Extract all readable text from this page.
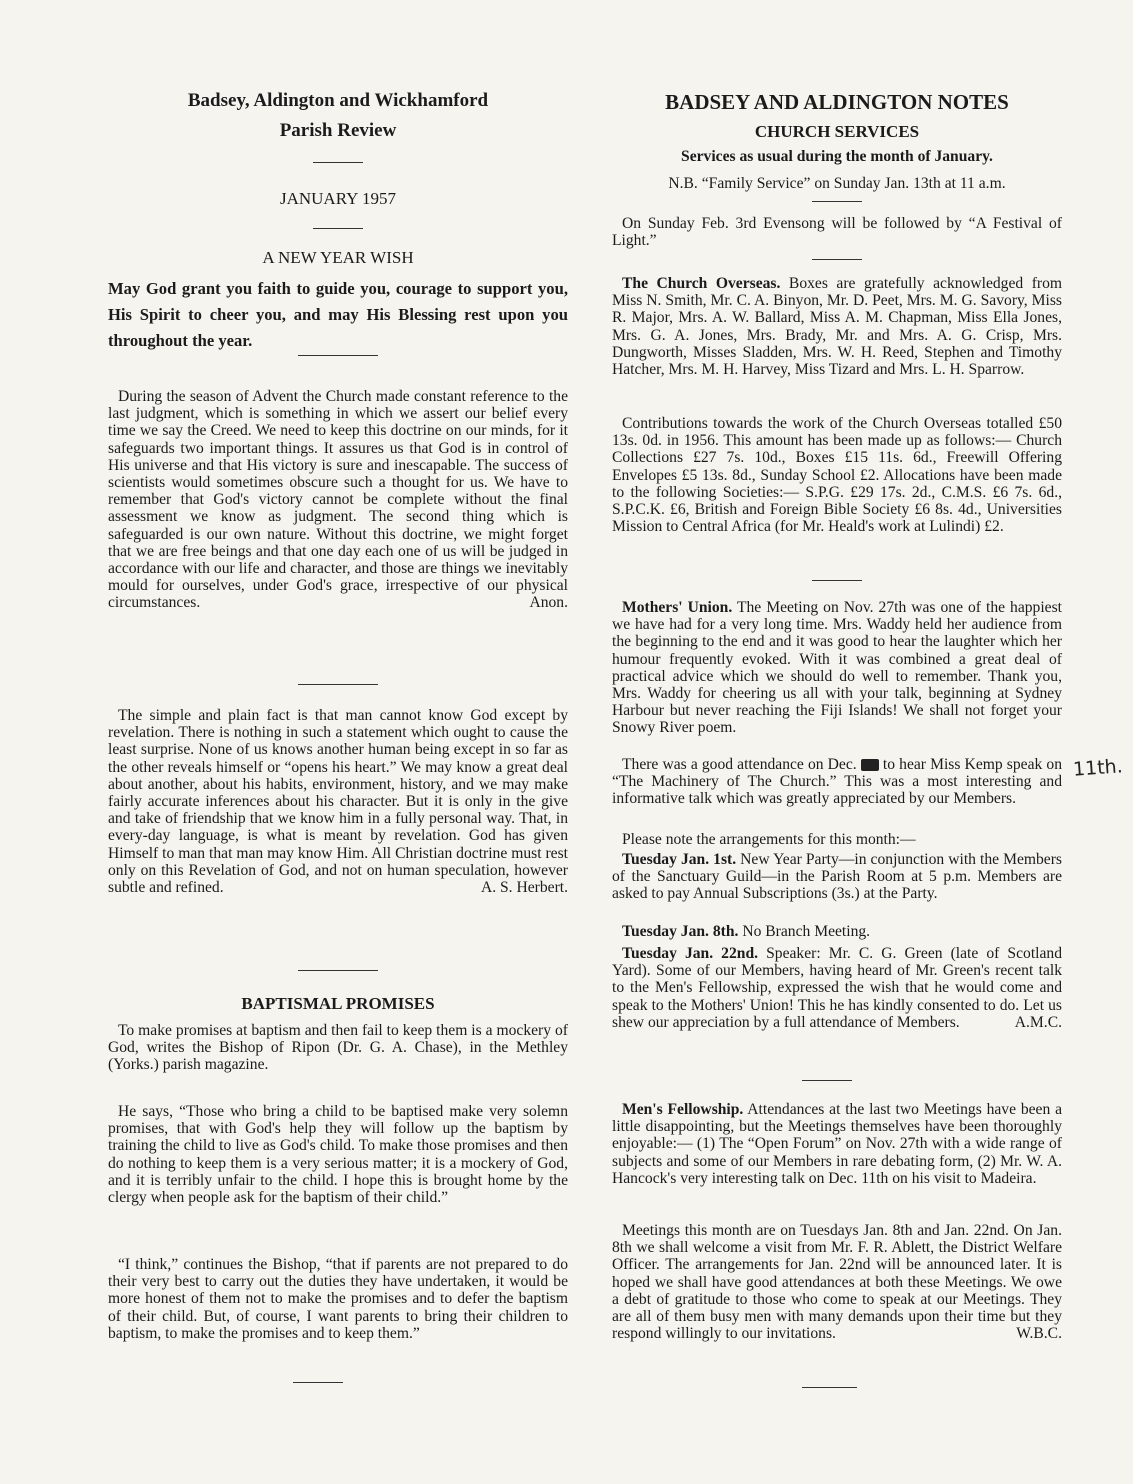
Badsey, Aldington and Wickhamford
Parish Review
JANUARY 1957
A NEW YEAR WISH
May God grant you faith to guide you, courage to support you, His Spirit to cheer you, and may His Blessing rest upon you throughout the year.

During the season of Advent the Church made constant reference to the last judgment, which is something in which we assert our belief every time we say the Creed. We need to keep this doctrine on our minds, for it safeguards two important things. It assures us that God is in control of His universe and that His victory is sure and inescapable. The success of scientists would sometimes obscure such a thought for us. We have to remember that God's victory cannot be complete without the final assessment we know as judgment. The second thing which is safeguarded is our own nature. Without this doctrine, we might forget that we are free beings and that one day each one of us will be judged in accordance with our life and character, and those are things we inevitably mould for ourselves, under God's grace, irrespective of our physical circumstances.	Anon.

The simple and plain fact is that man cannot know God except by revelation. There is nothing in such a statement which ought to cause the least surprise. None of us knows another human being except in so far as the other reveals himself or “opens his heart.” We may know a great deal about another, about his habits, environment, history, and we may make fairly accurate inferences about his character. But it is only in the give and take of friendship that we know him in a fully personal way. That, in every-day language, is what is meant by revelation. God has given Himself to man that man may know Him. All Christian doctrine must rest only on this Revelation of God, and not on human speculation, however subtle and refined.	A. S. Herbert.

BAPTISMAL PROMISES

To make promises at baptism and then fail to keep them is a mockery of God, writes the Bishop of Ripon (Dr. G. A. Chase), in the Methley (Yorks.) parish magazine.

He says, “Those who bring a child to be baptised make very solemn promises, that with God's help they will follow up the baptism by training the child to live as God's child. To make those promises and then do nothing to keep them is a very serious matter; it is a mockery of God, and it is terribly unfair to the child. I hope this is brought home by the clergy when people ask for the baptism of their child.”

“I think,” continues the Bishop, “that if parents are not prepared to do their very best to carry out the duties they have undertaken, it would be more honest of them not to make the promises and to defer the baptism of their child. But, of course, I want parents to bring their children to baptism, to make the promises and to keep them.”

BADSEY AND ALDINGTON NOTES
CHURCH SERVICES
Services as usual during the month of January.
N.B. “Family Service” on Sunday Jan. 13th at 11 a.m.

On Sunday Feb. 3rd Evensong will be followed by “A Festival of Light.”

The Church Overseas. Boxes are gratefully acknowledged from Miss N. Smith, Mr. C. A. Binyon, Mr. D. Peet, Mrs. M. G. Savory, Miss R. Major, Mrs. A. W. Ballard, Miss A. M. Chapman, Miss Ella Jones, Mrs. G. A. Jones, Mrs. Brady, Mr. and Mrs. A. G. Crisp, Mrs. Dungworth, Misses Sladden, Mrs. W. H. Reed, Stephen and Timothy Hatcher, Mrs. M. H. Harvey, Miss Tizard and Mrs. L. H. Sparrow.

Contributions towards the work of the Church Overseas totalled £50 13s. 0d. in 1956. This amount has been made up as follows:— Church Collections £27 7s. 10d., Boxes £15 11s. 6d., Freewill Offering Envelopes £5 13s. 8d., Sunday School £2. Allocations have been made to the following Societies:— S.P.G. £29 17s. 2d., C.M.S. £6 7s. 6d., S.P.C.K. £6, British and Foreign Bible Society £6 8s. 4d., Universities Mission to Central Africa (for Mr. Heald's work at Lulindi) £2.

Mothers' Union. The Meeting on Nov. 27th was one of the happiest we have had for a very long time. Mrs. Waddy held her audience from the beginning to the end and it was good to hear the laughter which her humour frequently evoked. With it was combined a great deal of practical advice which we should do well to remember. Thank you, Mrs. Waddy for cheering us all with your talk, beginning at Sydney Harbour but never reaching the Fiji Islands! We shall not forget your Snowy River poem.

There was a good attendance on Dec.  to hear Miss Kemp speak on “The Machinery of The Church.” This was a most interesting and informative talk which was greatly appreciated by our Members.

Please note the arrangements for this month:—

Tuesday Jan. 1st. New Year Party—in conjunction with the Members of the Sanctuary Guild—in the Parish Room at 5 p.m. Members are asked to pay Annual Subscriptions (3s.) at the Party.

Tuesday Jan. 8th. No Branch Meeting.

Tuesday Jan. 22nd. Speaker: Mr. C. G. Green (late of Scotland Yard). Some of our Members, having heard of Mr. Green's recent talk to the Men's Fellowship, expressed the wish that he would come and speak to the Mothers' Union! This he has kindly consented to do. Let us shew our appreciation by a full attendance of Members.	A.M.C.

Men's Fellowship. Attendances at the last two Meetings have been a little disappointing, but the Meetings themselves have been thoroughly enjoyable:— (1) The “Open Forum” on Nov. 27th with a wide range of subjects and some of our Members in rare debating form, (2) Mr. W. A. Hancock's very interesting talk on Dec. 11th on his visit to Madeira.

Meetings this month are on Tuesdays Jan. 8th and Jan. 22nd. On Jan. 8th we shall welcome a visit from Mr. F. R. Ablett, the District Welfare Officer. The arrangements for Jan. 22nd will be announced later. It is hoped we shall have good attendances at both these Meetings. We owe a debt of gratitude to those who come to speak at our Meetings. They are all of them busy men with many demands upon their time but they respond willingly to our invitations.	W.B.C.

11th.
